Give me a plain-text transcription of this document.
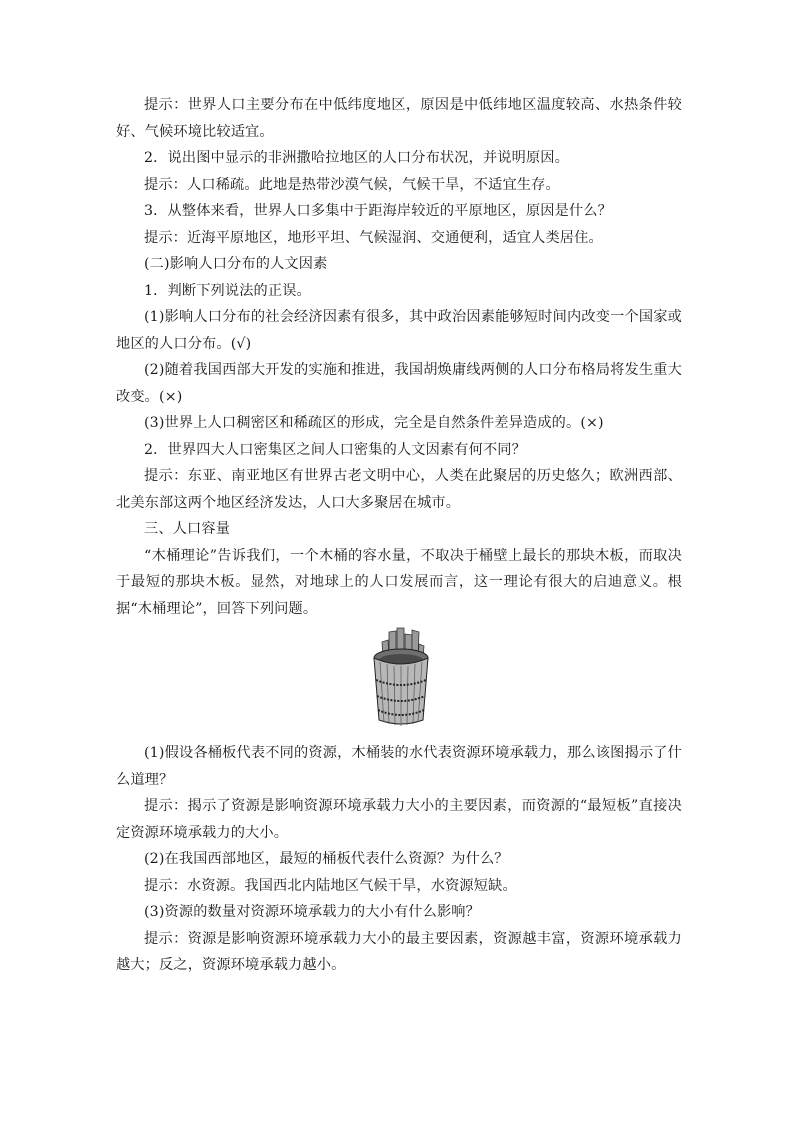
提示：世界人口主要分布在中低纬度地区，原因是中低纬地区温度较高、水热条件较好、气候环境比较适宜。

2．说出图中显示的非洲撒哈拉地区的人口分布状况，并说明原因。

提示：人口稀疏。此地是热带沙漠气候，气候干旱，不适宜生存。

3．从整体来看，世界人口多集中于距海岸较近的平原地区，原因是什么？

提示：近海平原地区，地形平坦、气候湿润、交通便利，适宜人类居住。

(二)影响人口分布的人文因素

1．判断下列说法的正误。

(1)影响人口分布的社会经济因素有很多，其中政治因素能够短时间内改变一个国家或地区的人口分布。(√)

(2)随着我国西部大开发的实施和推进，我国胡焕庸线两侧的人口分布格局将发生重大改变。(×)

(3)世界上人口稠密区和稀疏区的形成，完全是自然条件差异造成的。(×)

2．世界四大人口密集区之间人口密集的人文因素有何不同？

提示：东亚、南亚地区有世界古老文明中心，人类在此聚居的历史悠久；欧洲西部、北美东部这两个地区经济发达，人口大多聚居在城市。

三、人口容量

“木桶理论”告诉我们，一个木桶的容水量，不取决于桶壁上最长的那块木板，而取决于最短的那块木板。显然，对地球上的人口发展而言，这一理论有很大的启迪意义。根据“木桶理论”，回答下列问题。

(1)假设各桶板代表不同的资源，木桶装的水代表资源环境承载力，那么该图揭示了什么道理？

提示：揭示了资源是影响资源环境承载力大小的主要因素，而资源的“最短板”直接决定资源环境承载力的大小。

(2)在我国西部地区，最短的桶板代表什么资源？为什么？

提示：水资源。我国西北内陆地区气候干旱，水资源短缺。

(3)资源的数量对资源环境承载力的大小有什么影响？

提示：资源是影响资源环境承载力大小的最主要因素，资源越丰富，资源环境承载力越大；反之，资源环境承载力越小。
